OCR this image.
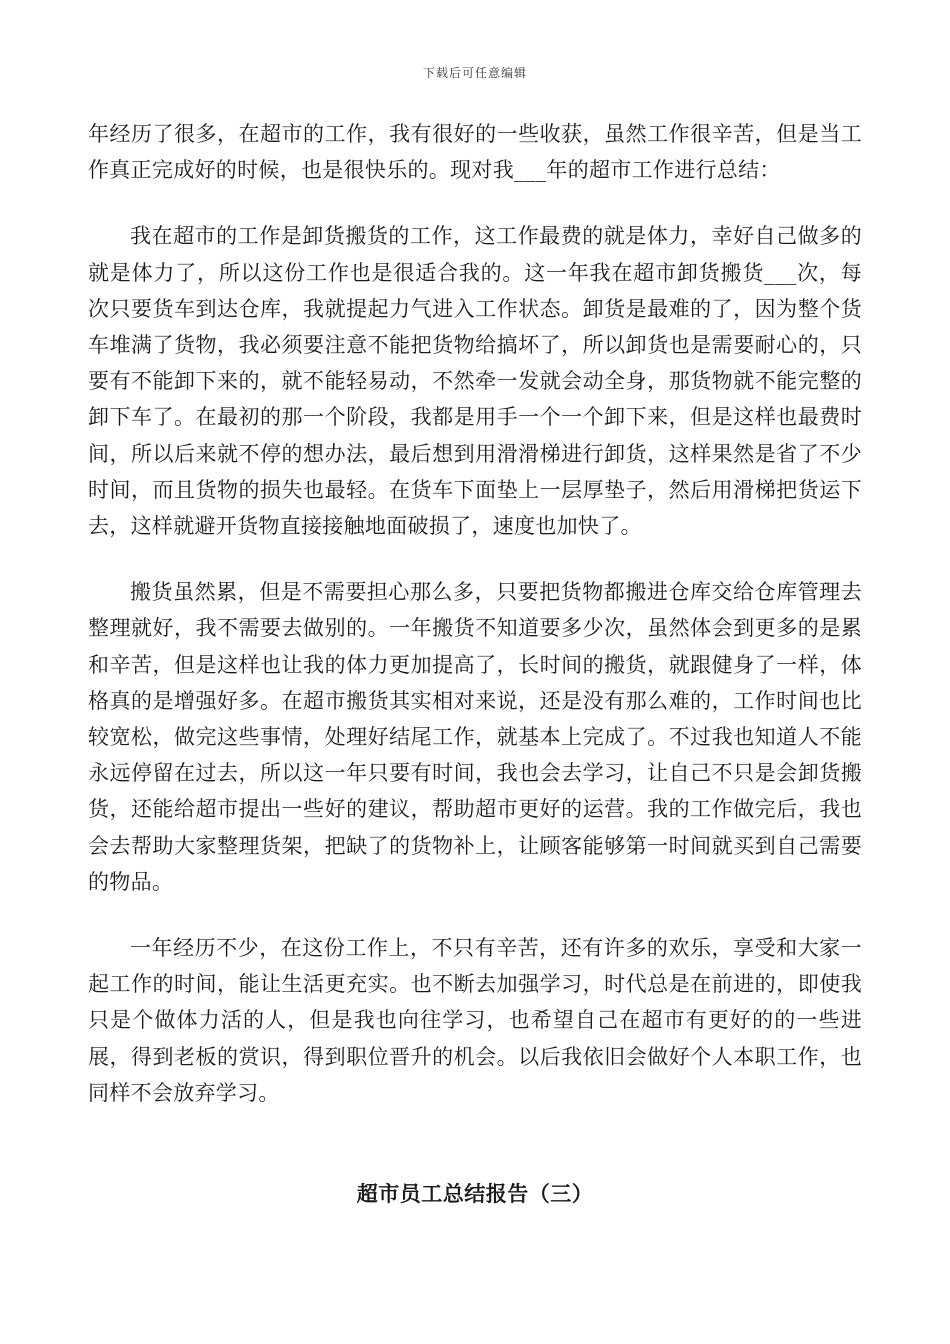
下载后可任意编辑

年经历了很多，在超市的工作，我有很好的一些收获，虽然工作很辛苦，但是当工作真正完成好的时候，也是很快乐的。现对我___年的超市工作进行总结：

我在超市的工作是卸货搬货的工作，这工作最费的就是体力，幸好自己做多的就是体力了，所以这份工作也是很适合我的。这一年我在超市卸货搬货___次，每次只要货车到达仓库，我就提起力气进入工作状态。卸货是最难的了，因为整个货车堆满了货物，我必须要注意不能把货物给搞坏了，所以卸货也是需要耐心的，只要有不能卸下来的，就不能轻易动，不然牵一发就会动全身，那货物就不能完整的卸下车了。在最初的那一个阶段，我都是用手一个一个卸下来，但是这样也最费时间，所以后来就不停的想办法，最后想到用滑滑梯进行卸货，这样果然是省了不少时间，而且货物的损失也最轻。在货车下面垫上一层厚垫子，然后用滑梯把货运下去，这样就避开货物直接接触地面破损了，速度也加快了。

搬货虽然累，但是不需要担心那么多，只要把货物都搬进仓库交给仓库管理去整理就好，我不需要去做别的。一年搬货不知道要多少次，虽然体会到更多的是累和辛苦，但是这样也让我的体力更加提高了，长时间的搬货，就跟健身了一样，体格真的是增强好多。在超市搬货其实相对来说，还是没有那么难的，工作时间也比较宽松，做完这些事情，处理好结尾工作，就基本上完成了。不过我也知道人不能永远停留在过去，所以这一年只要有时间，我也会去学习，让自己不只是会卸货搬货，还能给超市提出一些好的建议，帮助超市更好的运营。我的工作做完后，我也会去帮助大家整理货架，把缺了的货物补上，让顾客能够第一时间就买到自己需要的物品。

一年经历不少，在这份工作上，不只有辛苦，还有许多的欢乐，享受和大家一起工作的时间，能让生活更充实。也不断去加强学习，时代总是在前进的，即使我只是个做体力活的人，但是我也向往学习，也希望自己在超市有更好的的一些进展，得到老板的赏识，得到职位晋升的机会。以后我依旧会做好个人本职工作，也同样不会放弃学习。

超市员工总结报告（三）
